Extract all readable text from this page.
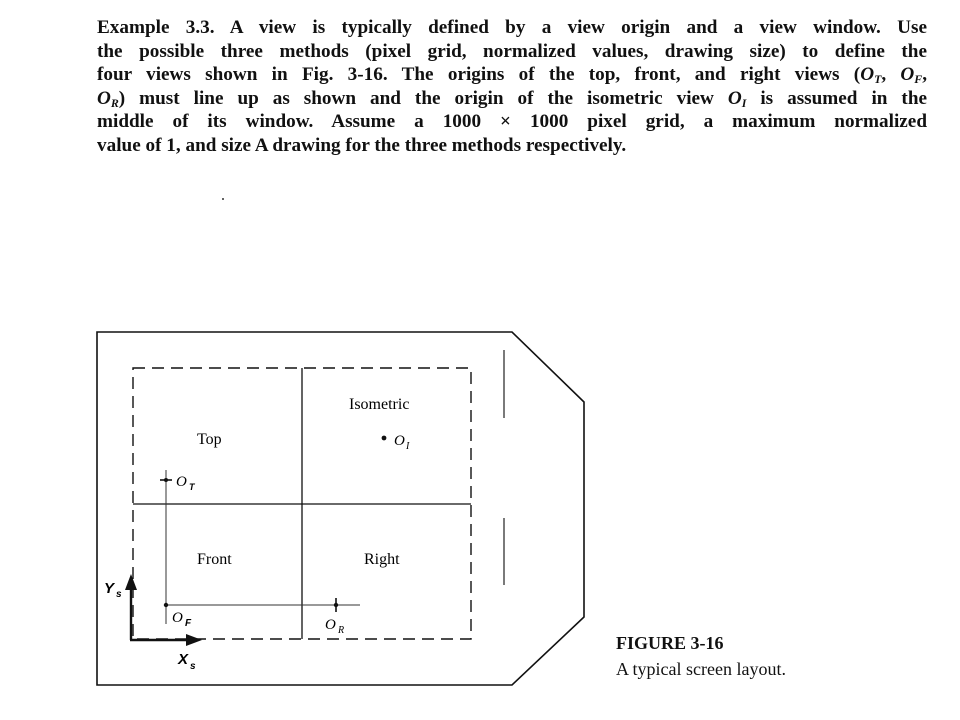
Example 3.3. A view is typically defined by a view origin and a view window. Use
the possible three methods (pixel grid, normalized values, drawing size) to define the
four views shown in Fig. 3-16. The origins of the top, front, and right views ($O_T$, $O_F$,
$O_R$) must line up as shown and the origin of the isometric view $O_I$ is assumed in the
middle of its window. Assume a 1000 × 1000 pixel grid, a maximum normalized
value of 1, and size A drawing for the three methods respectively.
Isometric
Top
Front	Right
O I
O T
O F	O R
Y s
X s
FIGURE 3-16
A typical screen layout.
